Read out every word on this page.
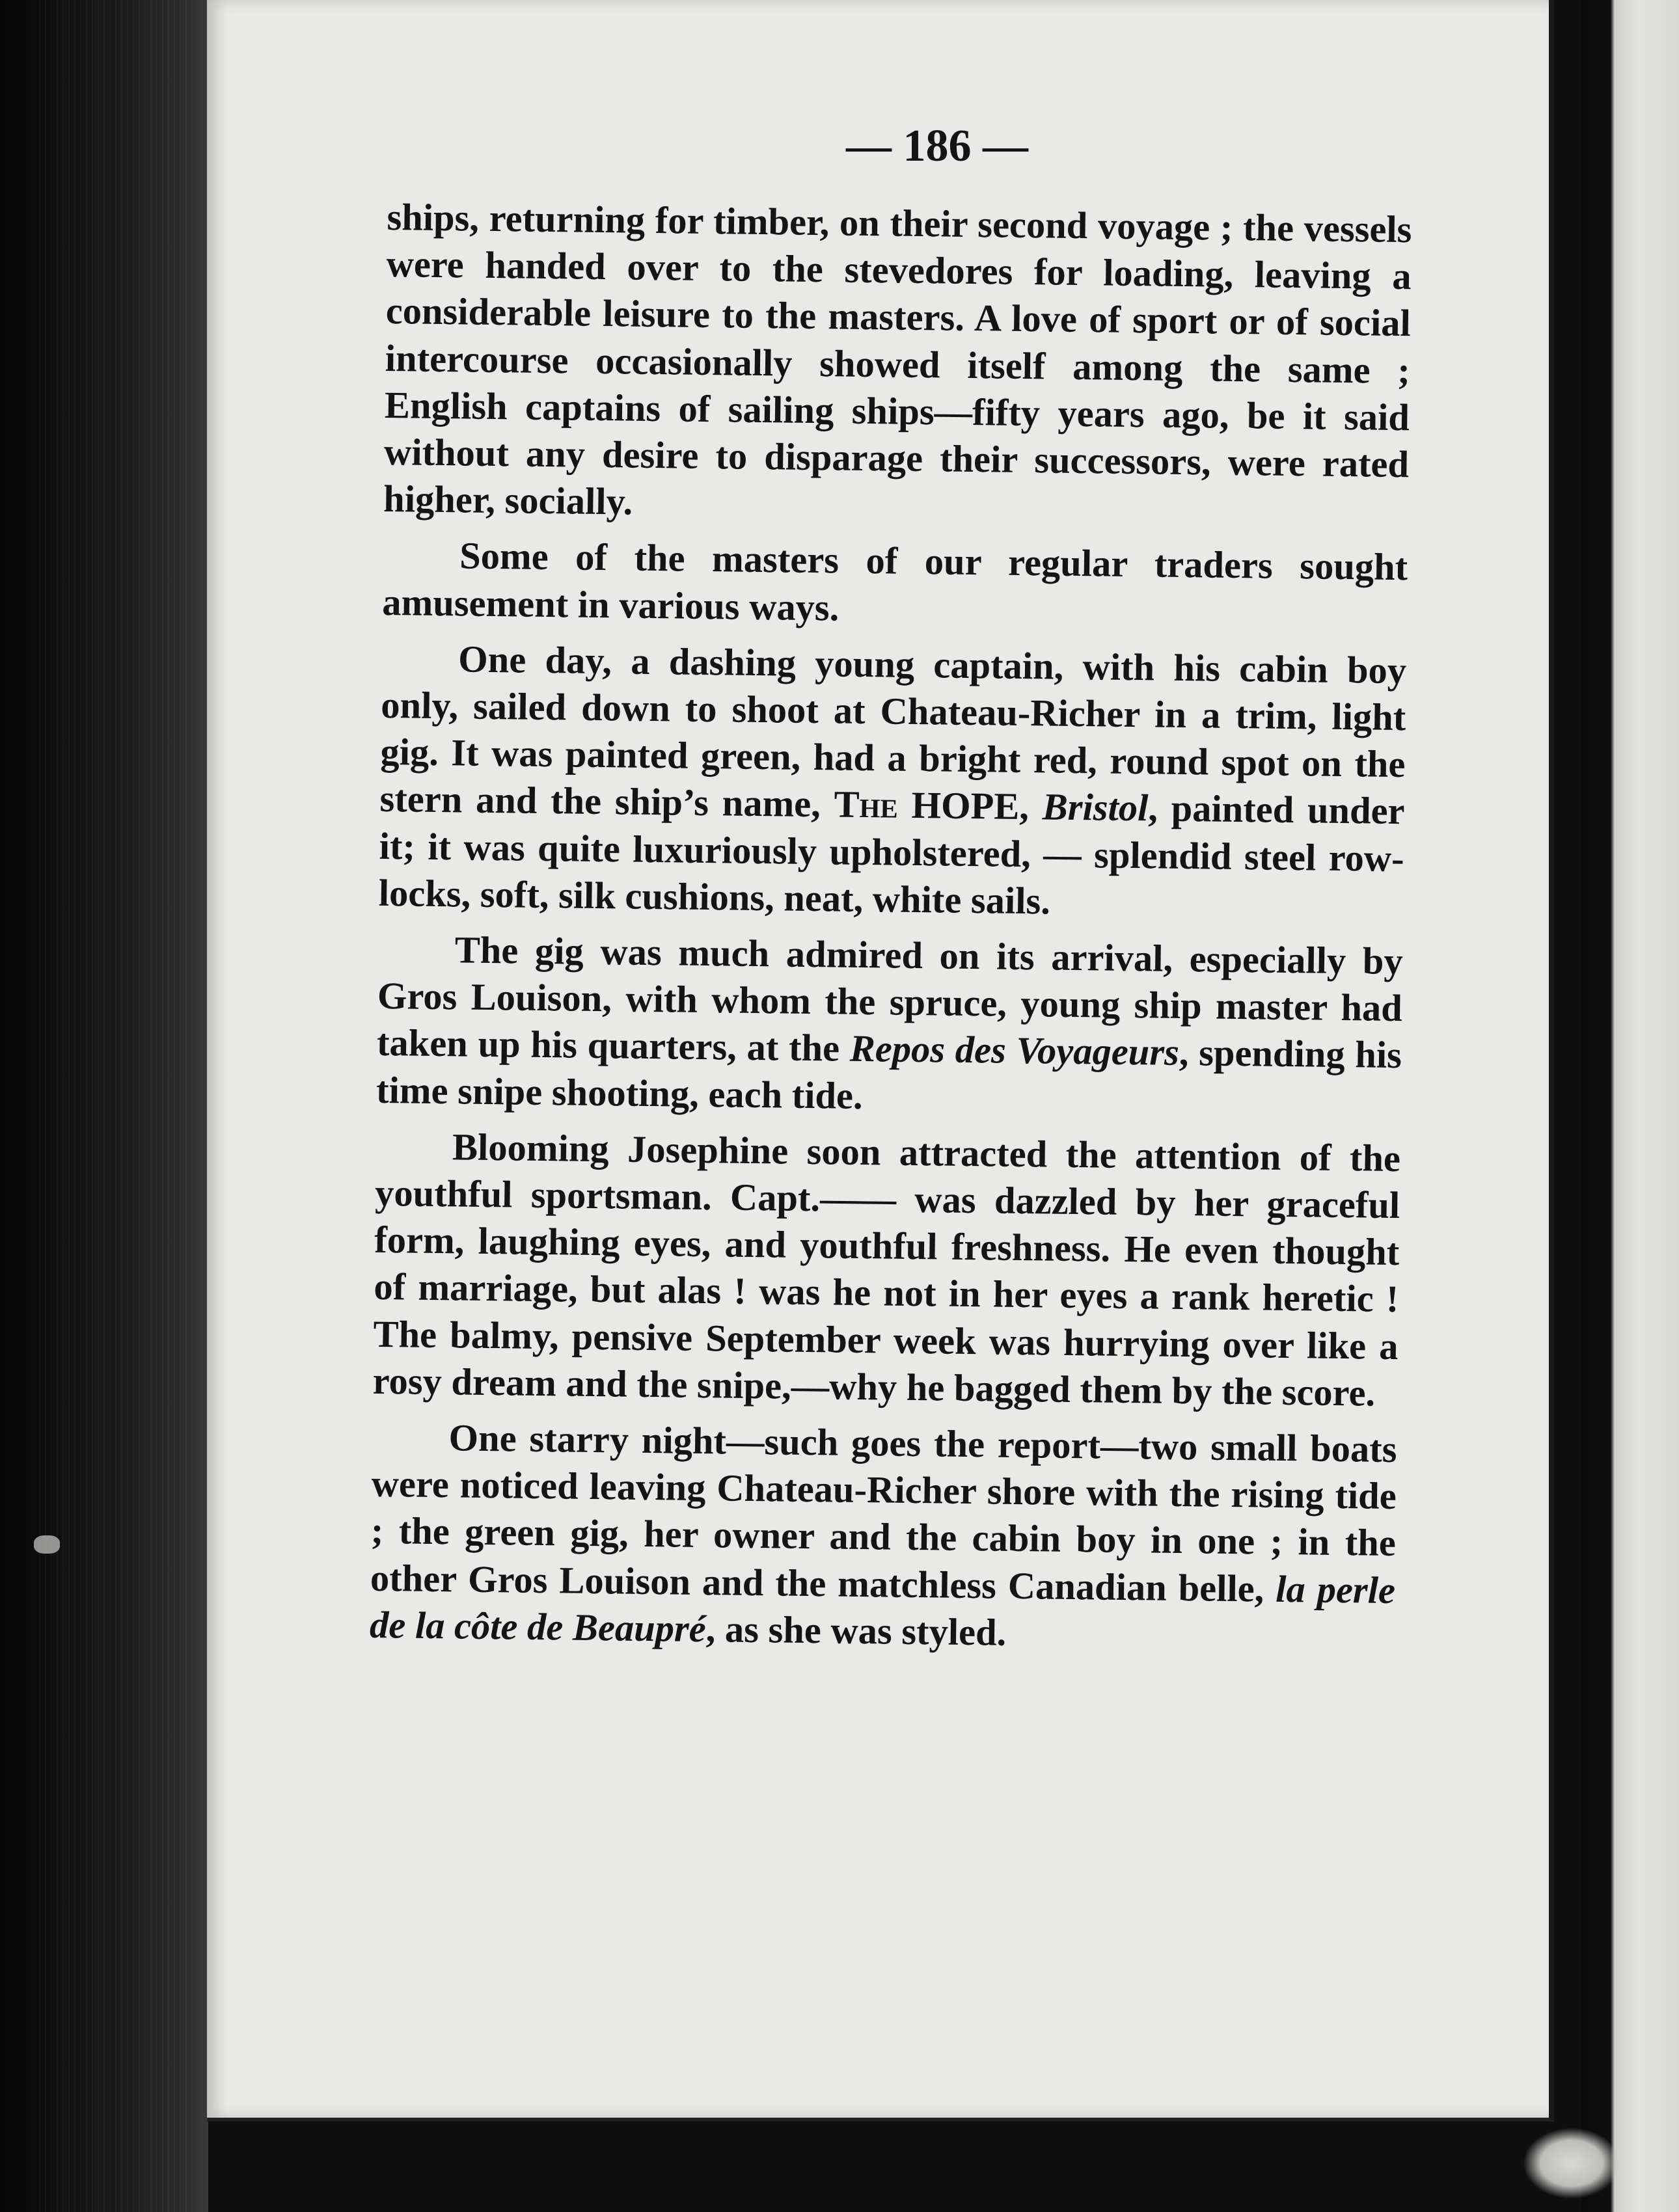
— 186 —

ships, returning for timber, on their second voyage ; the vessels were handed over to the stevedores for loading, leaving a considerable leisure to the masters. A love of sport or of social intercourse occasionally showed itself among the same ; English captains of sailing ships—fifty years ago, be it said without any desire to disparage their successors, were rated higher, socially.

Some of the masters of our regular traders sought amusement in various ways.

One day, a dashing young captain, with his cabin boy only, sailed down to shoot at Chateau-Richer in a trim, light gig. It was painted green, had a bright red, round spot on the stern and the ship’s name, The HOPE, Bristol, painted under it; it was quite luxuriously upholstered, — splendid steel row-locks, soft, silk cushions, neat, white sails.

The gig was much admired on its arrival, especially by Gros Louison, with whom the spruce, young ship master had taken up his quarters, at the Repos des Voyageurs, spending his time snipe shooting, each tide.

Blooming Josephine soon attracted the attention of the youthful sportsman. Capt.—— was dazzled by her graceful form, laughing eyes, and youthful freshness. He even thought of marriage, but alas ! was he not in her eyes a rank heretic ! The balmy, pensive September week was hurrying over like a rosy dream and the snipe,—why he bagged them by the score.

One starry night—such goes the report—two small boats were noticed leaving Chateau-Richer shore with the rising tide ; the green gig, her owner and the cabin boy in one ; in the other Gros Louison and the matchless Canadian belle, la perle de la côte de Beaupré, as she was styled.
